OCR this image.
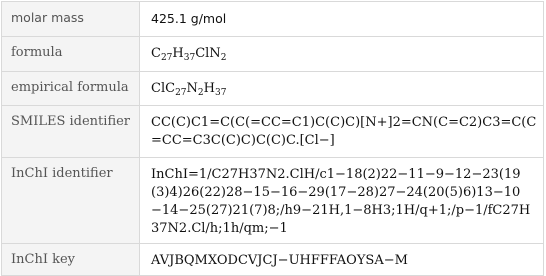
molar mass	425.1 g/mol
formula	$C_{27}H_{37}ClN_2$
empirical formula	$ClC_{27}N_2H_{37}$
SMILES identifier	CC(C)C1=C(C(=CC=C1)C(C)C)[N+]2=CN(C=C2)C3=C(C=CC=C3C(C)C)C(C)C.[Cl−]
InChI identifier	InChI=1/C27H37N2.ClH/c1−18(2)22−11−9−12−23(19(3)4)26(22)28−15−16−29(17−28)27−24(20(5)6)13−10−14−25(27)21(7)8;/h9−21H,1−8H3;1H/q+1;/p−1/fC27H37N2.Cl/h;1h/qm;−1
InChI key	AVJBQMXODCVJCJ−UHFFFAOYSA−M
